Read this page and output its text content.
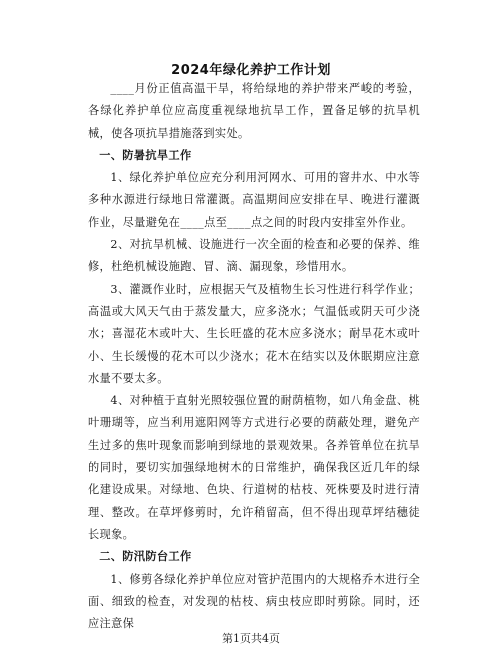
2024年绿化养护工作计划

____月份正值高温干旱，将给绿地的养护带来严峻的考验，各绿化养护单位应高度重视绿地抗旱工作，置备足够的抗旱机械，使各项抗旱措施落到实处。

一、防暑抗旱工作

1、绿化养护单位应充分利用河网水、可用的窨井水、中水等多种水源进行绿地日常灌溉。高温期间应安排在早、晚进行灌溉作业，尽量避免在____点至____点之间的时段内安排室外作业。

2、对抗旱机械、设施进行一次全面的检查和必要的保养、维修，杜绝机械设施跑、冒、滴、漏现象，珍惜用水。

3、灌溉作业时，应根据天气及植物生长习性进行科学作业；高温或大风天气由于蒸发量大，应多浇水；气温低或阴天可少浇水；喜湿花木或叶大、生长旺盛的花木应多浇水；耐旱花木或叶小、生长缓慢的花木可以少浇水；花木在结实以及休眠期应注意水量不要太多。

4、对种植于直射光照较强位置的耐荫植物，如八角金盘、桃叶珊瑚等，应当利用遮阳网等方式进行必要的荫蔽处理，避免产生过多的焦叶现象而影响到绿地的景观效果。各养管单位在抗旱的同时，要切实加强绿地树木的日常维护，确保我区近几年的绿化建设成果。对绿地、色块、行道树的枯枝、死株要及时进行清理、整改。在草坪修剪时，允许稍留高，但不得出现草坪结穗徒长现象。

二、防汛防台工作

1、修剪各绿化养护单位应对管护范围内的大规格乔木进行全面、细致的检查，对发现的枯枝、病虫枝应即时剪除。同时，还应注意保

第1页共4页
